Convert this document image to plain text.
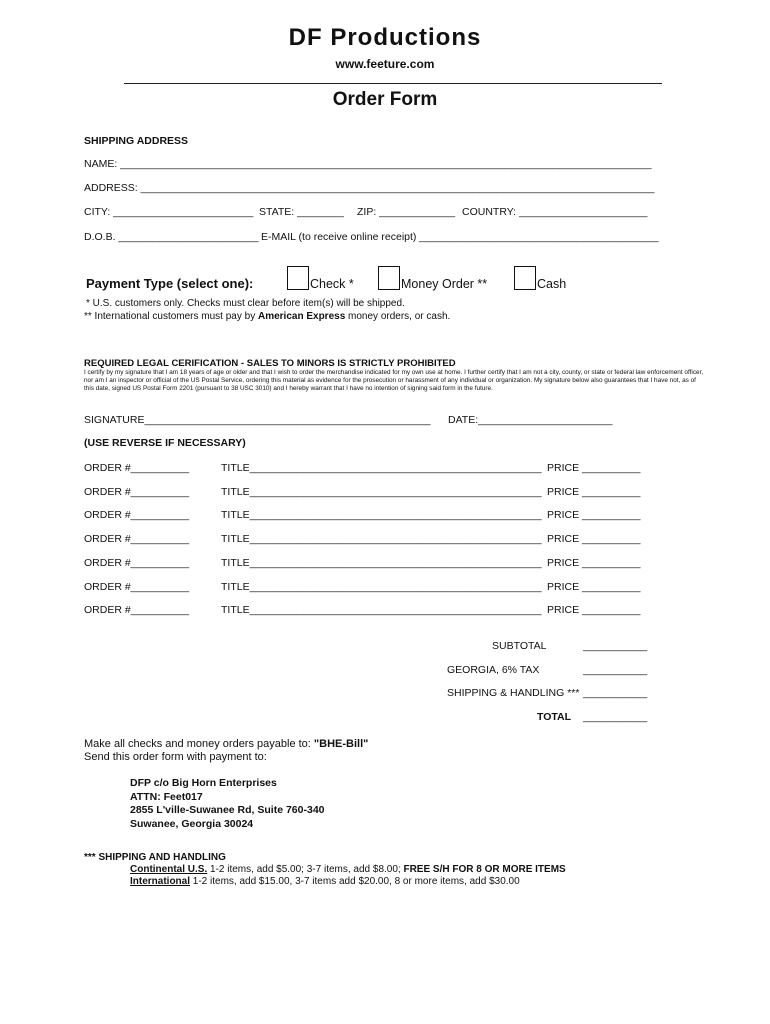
DF Productions
www.feeture.com
Order Form
SHIPPING ADDRESS
NAME: ___________________________________________________________________________________________
ADDRESS: ________________________________________________________________________________________
CITY: ________________________ STATE: ________ ZIP: _____________ COUNTRY: ______________________
D.O.B. ________________________ E-MAIL (to receive online receipt) _________________________________________
Payment Type (select one):	Check *	Money Order **	Cash
* U.S. customers only. Checks must clear before item(s) will be shipped.
** International customers must pay by American Express money orders, or cash.
REQUIRED LEGAL CERIFICATION - SALES TO MINORS IS STRICTLY PROHIBITED
I certify by my signature that I am 18 years of age or older and that I wish to order the merchandise indicated for my own use at home. I further certify that I am not a city, county, or state or federal law enforcement officer, nor am I an inspector or official of the US Postal Service, ordering this material as evidence for the prosecution or harassment of any individual or organization. My signature below also guarantees that I have not, as of this date, signed US Postal Form 2201 (pursuant to 38 USC 3010) and I hereby warrant that I have no intention of signing said form in the future.
SIGNATURE_________________________________________________ DATE:_______________________
(USE REVERSE IF NECESSARY)
ORDER #__________	TITLE__________________________________________________ PRICE __________
ORDER #__________	TITLE__________________________________________________ PRICE __________
ORDER #__________	TITLE__________________________________________________ PRICE __________
ORDER #__________	TITLE__________________________________________________ PRICE __________
ORDER #__________	TITLE__________________________________________________ PRICE __________
ORDER #__________	TITLE__________________________________________________ PRICE __________
ORDER #__________	TITLE__________________________________________________ PRICE __________
SUBTOTAL	___________
GEORGIA, 6% TAX	___________
SHIPPING & HANDLING *** ___________
TOTAL ___________
Make all checks and money orders payable to: "BHE-Bill"
Send this order form with payment to:
DFP c/o Big Horn Enterprises
ATTN: Feet017
2855 L'ville-Suwanee Rd, Suite 760-340
Suwanee, Georgia 30024
*** SHIPPING AND HANDLING
Continental U.S. 1-2 items, add $5.00; 3-7 items, add $8.00; FREE S/H FOR 8 OR MORE ITEMS
International 1-2 items, add $15.00, 3-7 items add $20.00, 8 or more items, add $30.00
